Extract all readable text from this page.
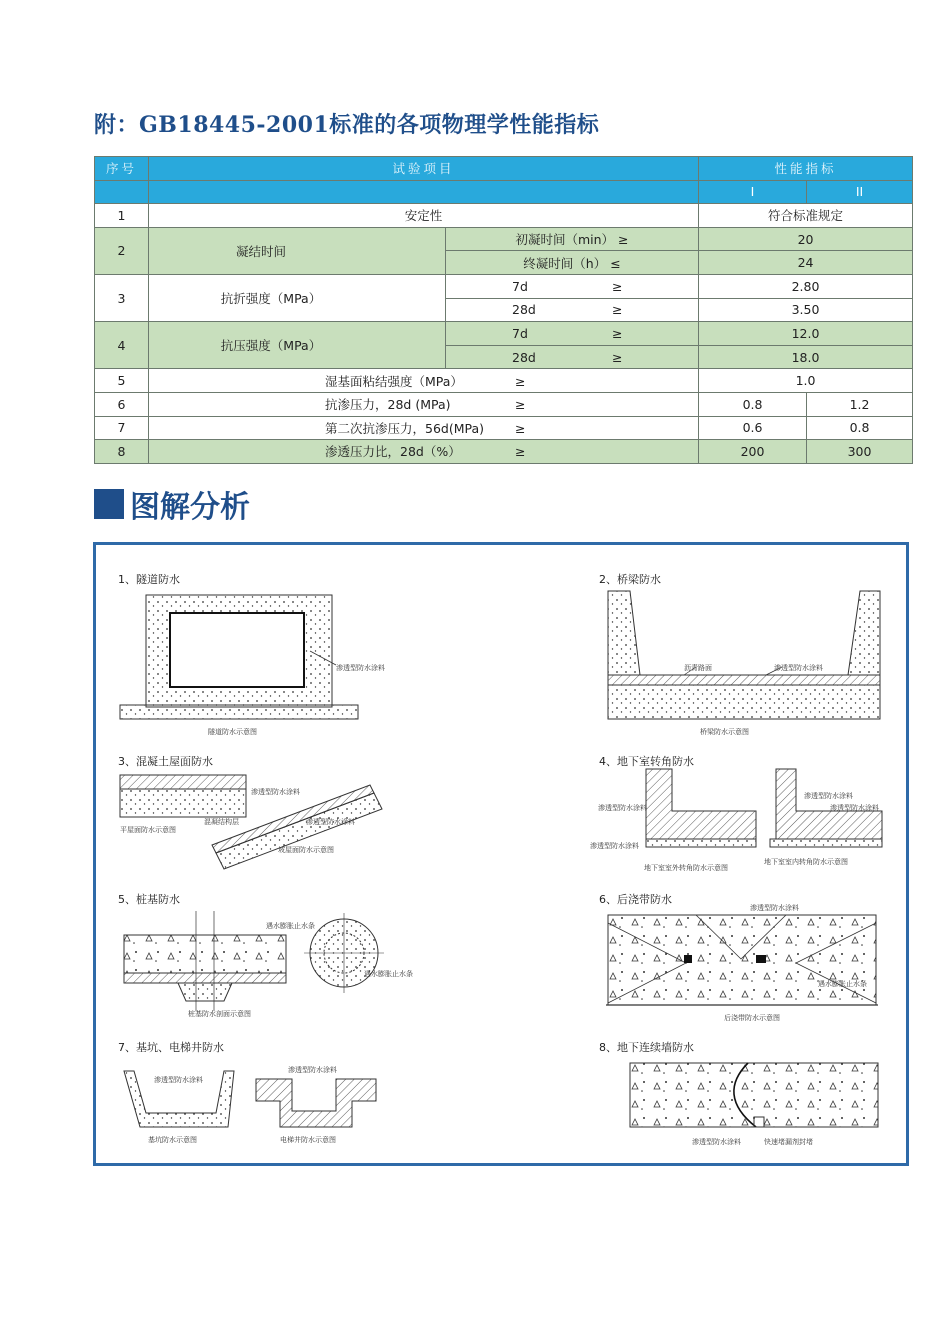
附：GB18445-2001标准的各项物理学性能指标
序号	试验项目		性能指标	
			I	II
1	安定性		符合标准规定	
2	凝结时间	初凝时间（min） ≥	20	
		终凝时间（h） ≤	24	
3	抗折强度（MPa）	7d ≥	2.80	
		28d ≥	3.50	
4	抗压强度（MPa）	7d ≥	12.0	
		28d ≥	18.0	
5	湿基面粘结强度（MPa） ≥		1.0	
6	抗渗压力，28d (MPa) ≥		0.8	1.2
7	第二次抗渗压力，56d(MPa) ≥		0.6	0.8
8	渗透压力比，28d（%） ≥		200	300
图解分析
1、隧道防水
渗透型防水涂料
隧道防水示意图
2、桥梁防水
沥青路面	渗透型防水涂料
桥梁防水示意图
3、混凝土屋面防水
渗透型防水涂料
混凝结构层	渗透型防水涂料
平屋面防水示意图
坡屋面防水示意图
4、地下室转角防水
渗透型防水涂料
渗透型防水涂料
渗透型防水涂料
渗透型防水涂料
地下室室外转角防水示意图
地下室室内转角防水示意图
5、桩基防水
遇水膨胀止水条
遇水膨胀止水条
桩基防水剖面示意图
6、后浇带防水
渗透型防水涂料
遇水膨胀止水条
后浇带防水示意图
7、基坑、电梯井防水
渗透型防水涂料
渗透型防水涂料
基坑防水示意图	电梯井防水示意图
8、地下连续墙防水
渗透型防水涂料	快速堵漏剂封堵
